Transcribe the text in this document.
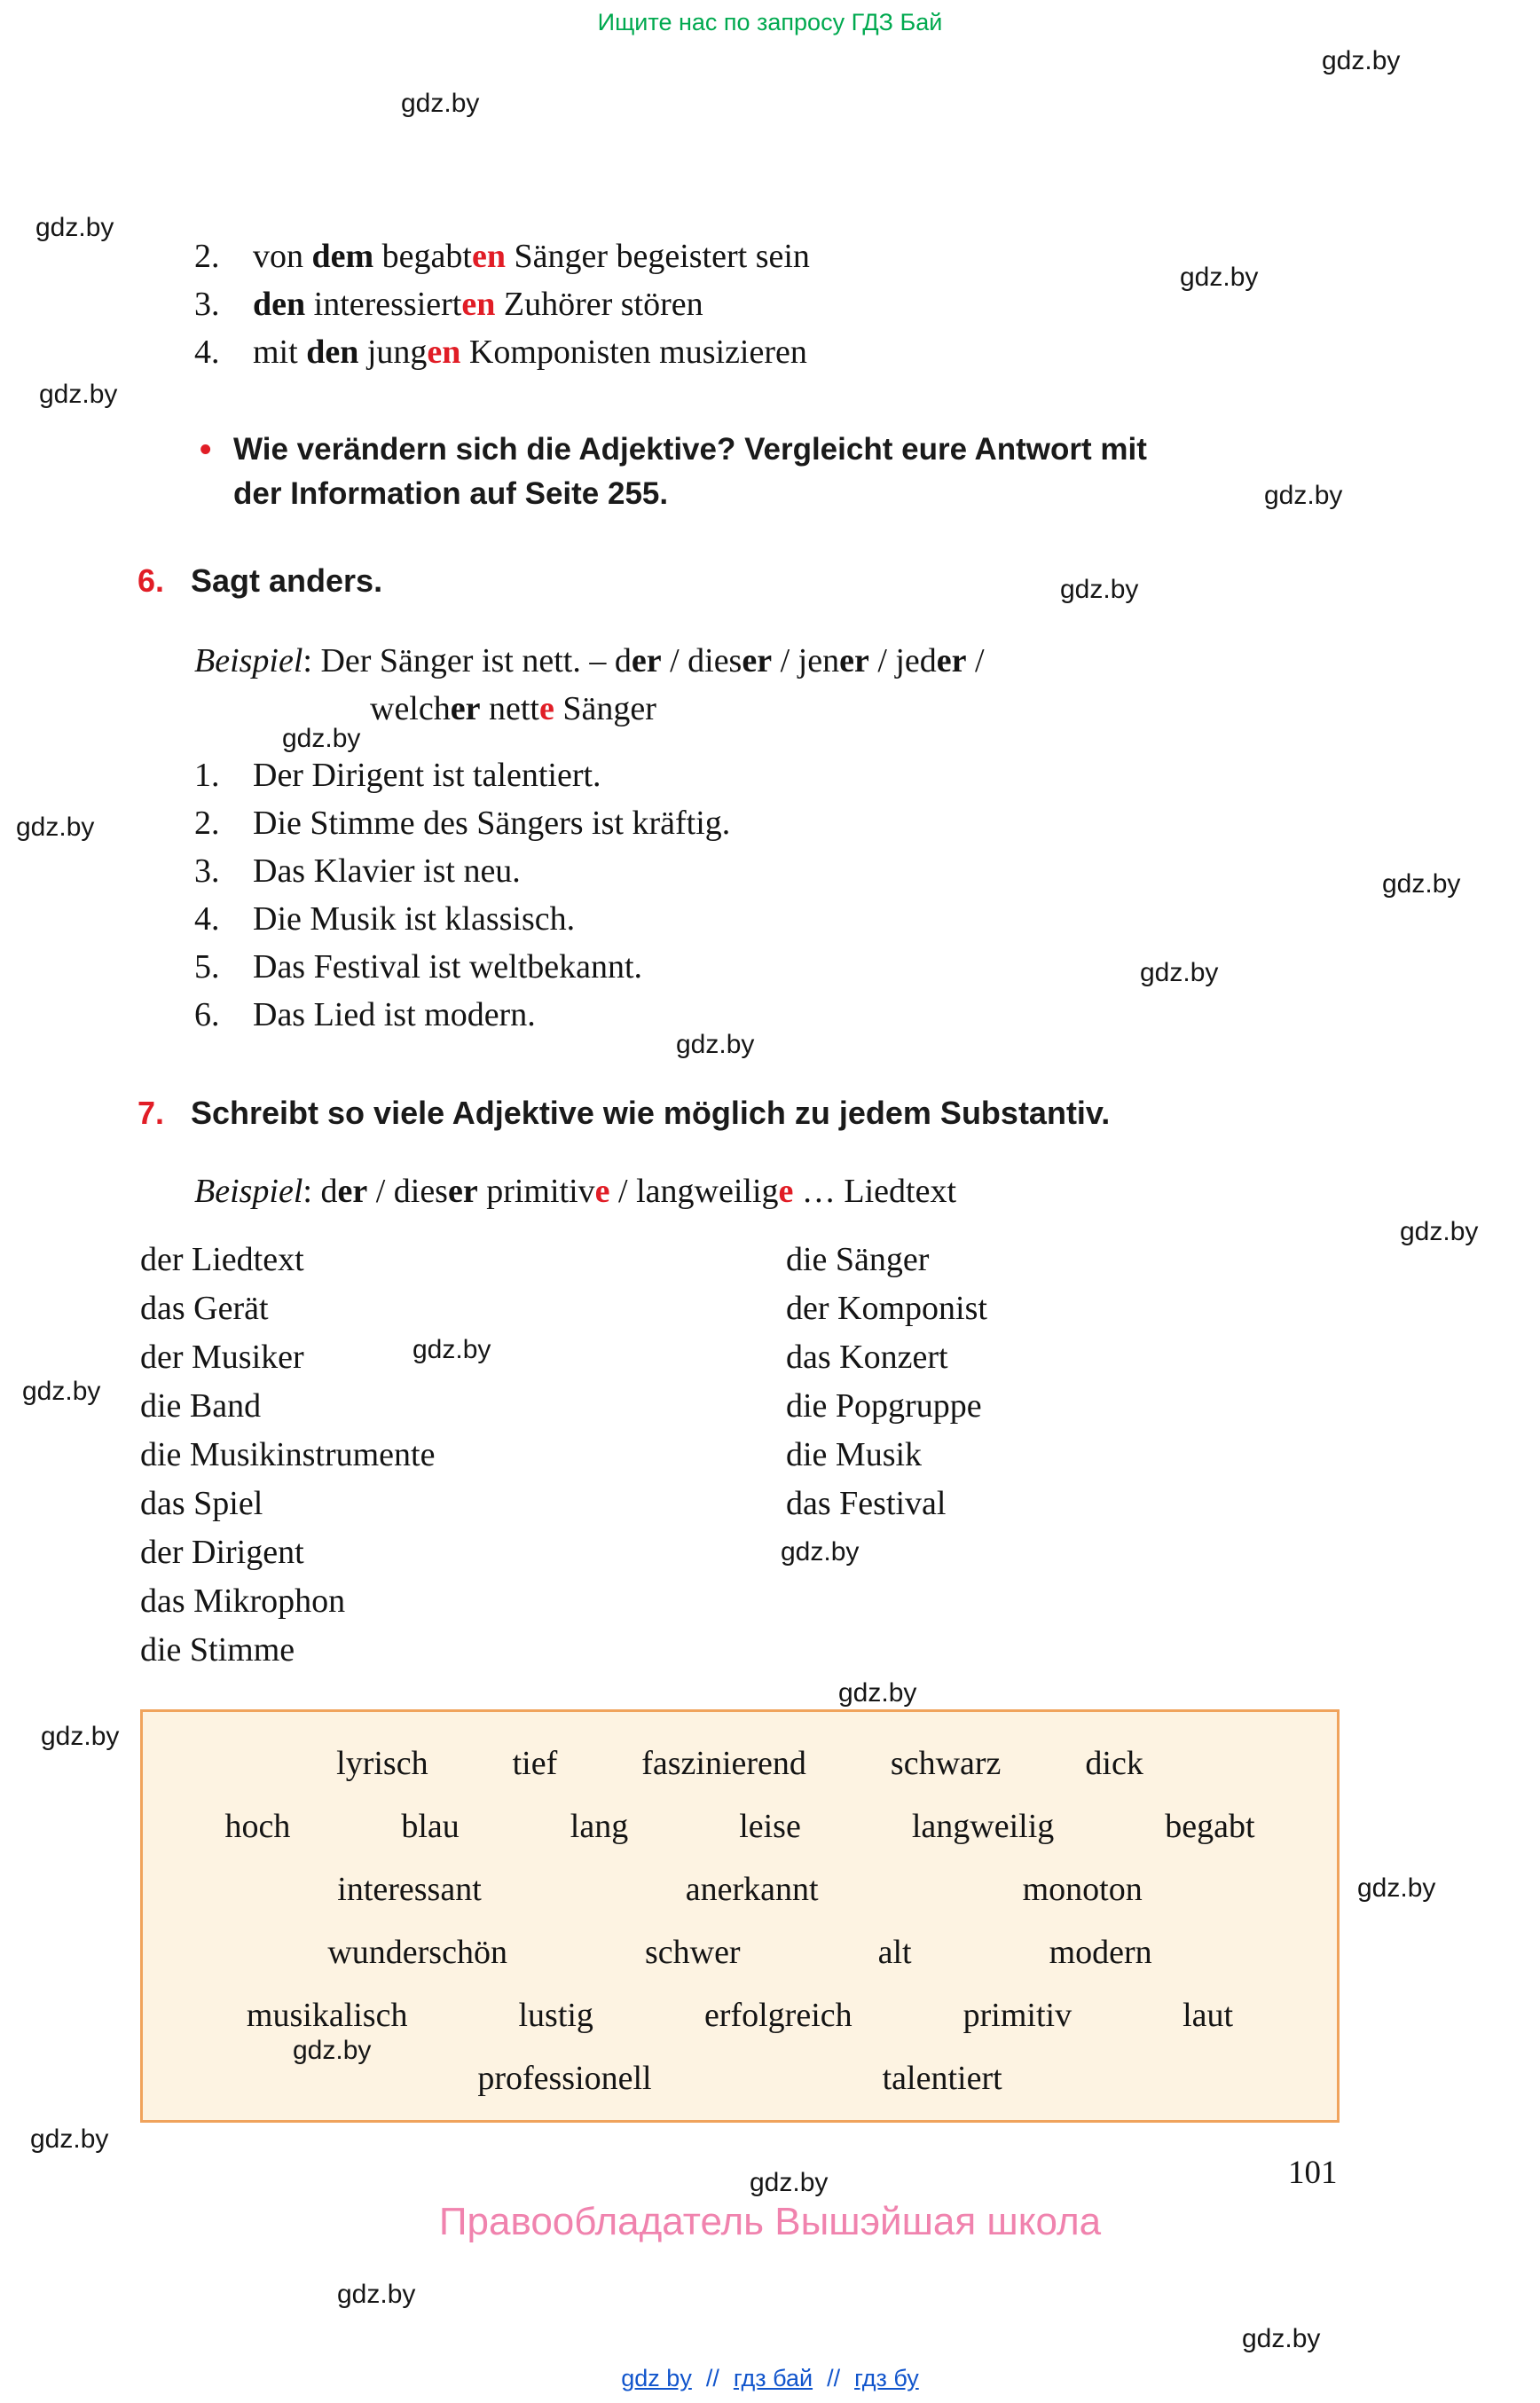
Ищите нас по запросу ГДЗ Бай
gdz.by
gdz.by
gdz.by
gdz.by
gdz.by
gdz.by
gdz.by
gdz.by
gdz.by
gdz.by
gdz.by
gdz.by
gdz.by
gdz.by
gdz.by
gdz.by
gdz.by
gdz.by
gdz.by
gdz.by
gdz.by
gdz.by
gdz.by
gdz.by
2. von dem begabten Sänger begeistert sein
3. den interessierten Zuhörer stören
4. mit den jungen Komponisten musizieren
• Wie verändern sich die Adjektive? Vergleicht eure Antwort mit
der Information auf Seite 255.
6. Sagt anders.
Beispiel: Der Sänger ist nett. – der / dieser / jener / jeder /
welcher nette Sänger
1. Der Dirigent ist talentiert.
2. Die Stimme des Sängers ist kräftig.
3. Das Klavier ist neu.
4. Die Musik ist klassisch.
5. Das Festival ist weltbekannt.
6. Das Lied ist modern.
7. Schreibt so viele Adjektive wie möglich zu jedem Substantiv.
Beispiel: der / dieser primitive / langweilige … Liedtext
der Liedtext
das Gerät
der Musiker
die Band
die Musikinstrumente
das Spiel
der Dirigent
das Mikrophon
die Stimme
die Sänger
der Komponist
das Konzert
die Popgruppe
die Musik
das Festival
lyrisch	tief	faszinierend	schwarz	dick
hoch	blau	lang	leise	langweilig	begabt
interessant	anerkannt	monoton
wunderschön	schwer	alt	modern
musikalisch	lustig	erfolgreich	primitiv	laut
professionell	talentiert
101
Правообладатель Вышэйшая школа
gdz by // гдз бай // гдз бу
